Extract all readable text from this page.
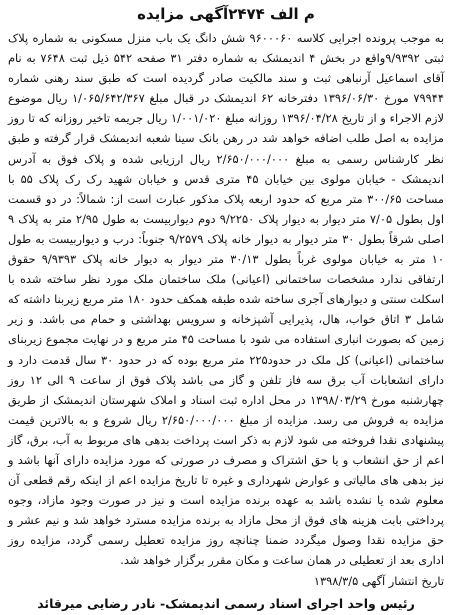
م الف ۲۴۷۴آگهی مزایده

به موجب پرونده اجرایی کلاسه ۹۶۰۰۰۶۰ شش دانگ یک باب منزل مسکونی به شماره پلاک ثبتی ۹/۹۳۹۲واقع در بخش ۴ اندیمشک به شماره دفتر ۳۱ صفحه ۵۴۲ ذیل ثبت ۷۶۴۸ به نام آقای اسماعیل آرنباهی ثبت و سند مالکیت صادر گردیده است که طبق سند رهنی شماره ۷۹۹۴۴ مورخ ۱۳۹۶/۰۶/۳۰ دفترخانه ۶۲ اندیمشک در قبال مبلغ ۱/۰۶۵/۶۴۲/۳۶۷ ریال موضوع لازم الاجراء و از تاریخ ۱۳۹۶/۰۴/۲۸ روزانه مبلغ ۱/۰۰۱/۰۲۰ ریال جریمه تاخیر روزانه که تا روز مزایده به اصل طلب اضافه خواهد شد در رهن بانک سینا شعبه اندیمشک قرار گرفته و طبق نظر کارشناس رسمی به مبلغ ۲/۶۵۰/۰۰۰/۰۰۰ ریال ارزیابی شده و پلاک فوق به آدرس اندیمشک - خیابان مولوی بین خیابان ۴۵ متری قدس و خیابان شهید رک رک پلاک ۵۵ با مساحت ۳۰۰/۶۵ متر مربع که حدود اربعه پلاک مذکور عبارت است از: شمالاً: در دو قسمت اول بطول ۷/۰۵ متر دیوار به دیوار پلاک ۹/۲۲۵۰ دوم دیواربیست به طول ۲/۹۵ متر به پلاک ۹ اصلی شرقاً بطول ۳۰ متر دیوار به دیوار خانه پلاک ۹/۲۵۷۹ جنوباً: درب و دیواربیست به طول ۱۰ متر به خیابان مولوی غرباً بطول ۳۰/۱۳ متر دیوار به دیوار خانه پلاک ۹/۹۳۹۳ حقوق ارتفاقی ندارد مشخصات ساختمانی (اعیانی) ملک ساختمان ملک مورد نظر ساخته شده با اسکلت سنتی و دیوارهای آجری ساخته شده طبقه همکف حدود ۱۸۰ متر مربع زیربنا داشته که شامل ۳ اتاق خواب، هال، پذیرایی آشپزخانه و سرویس بهداشتی و حمام می باشد. و زیر زمین که بصورت انباری استفاده می شود با مساحت ۴۵ متر مربع و در نهایت مجموع زیربنای ساختمانی (اعیانی) کل ملک در حدود۲۲۵ متر مربع بوده که در حدود ۳۰ سال قدمت دارد و دارای انشعابات آب برق سه فاز تلفن و گاز می باشد پلاک فوق از ساعت ۹ الی ۱۲ روز چهارشنبه مورخ ۱۳۹۸/۰۳/۲۹ در محل اداره ثبت اسناد و املاک شهرستان اندیمشک از طریق مزایده به فروش می رسد. مزایده از مبلغ ۲/۶۵۰/۰۰۰/۰۰۰ ریال شروع و به بالاترین قیمت پیشنهادی نقدا فروخته می شود لازم به ذکر است پرداخت بدهی های مربوط به آب، برق، گاز اعم از حق انشعاب و یا حق اشتراک و مصرف در صورتی که مورد مزایده دارای آنها باشد و نیز بدهی های مالیاتی و عوارض شهرداری و غیره تا تاریخ مزایده اعم از اینکه رقم قطعی آن معلوم شده یا نشده باشد به عهده برنده مزایده است و نیز در صورت وجود مازاد، وجوه پرداختی بابت هزینه های فوق از محل مازاد به برنده مزایده مسترد خواهد شد و نیم عشر و حق مزایده نقدا وصول میگردد ضمنا چنانچه روز مزایده تعطیل رسمی گردد، مزایده روز اداری بعد از تعطیلی در همان ساعت و مکان مقرر برگزار خواهد شد.

تاریخ انتشار آگهی ۱۳۹۸/۳/۵

رئیس واحد اجرای اسناد رسمی اندیمشک- نادر رضایی میرقائد
